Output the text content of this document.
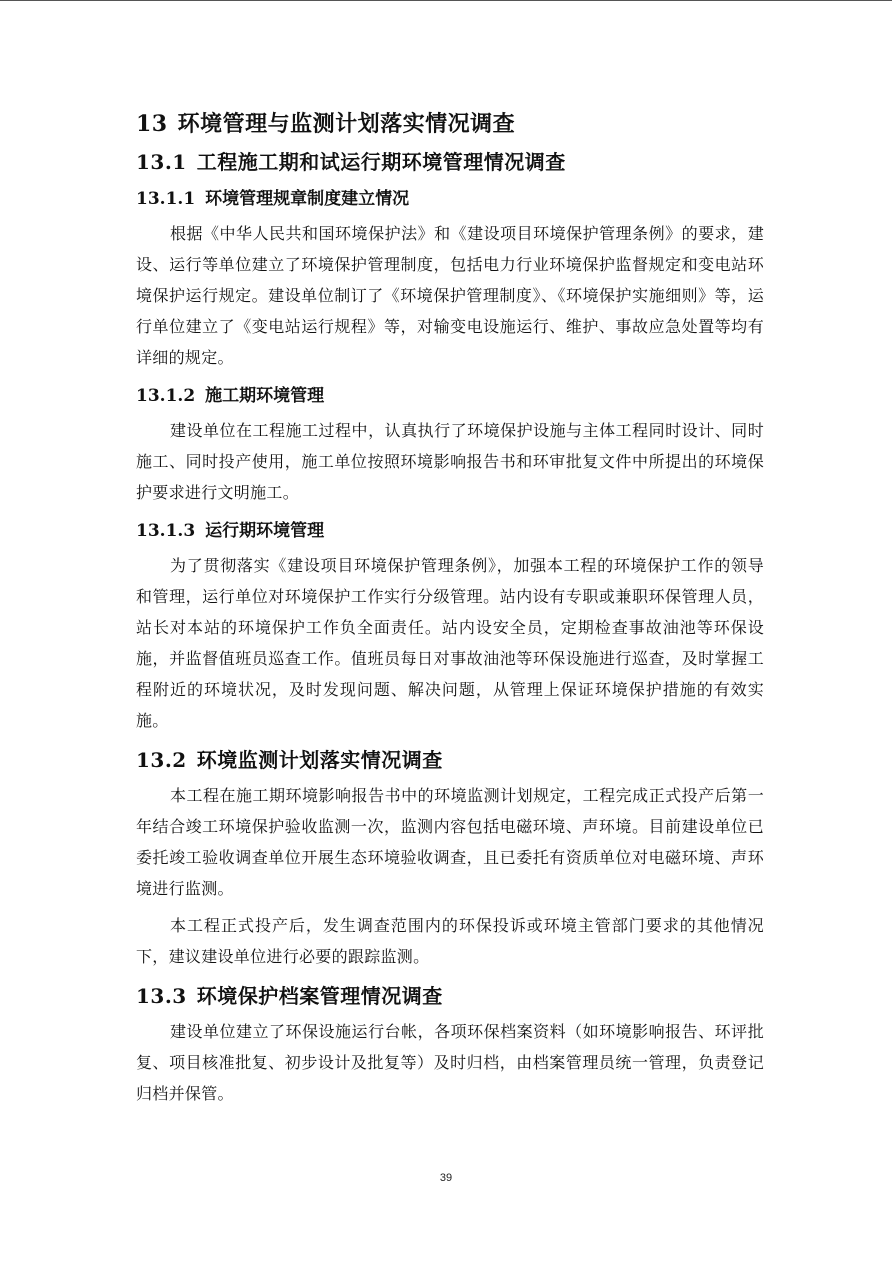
13 环境管理与监测计划落实情况调查
13.1 工程施工期和试运行期环境管理情况调查
13.1.1 环境管理规章制度建立情况

根据《中华人民共和国环境保护法》和《建设项目环境保护管理条例》的要求，建设、运行等单位建立了环境保护管理制度，包括电力行业环境保护监督规定和变电站环境保护运行规定。建设单位制订了《环境保护管理制度》、《环境保护实施细则》等，运行单位建立了《变电站运行规程》等，对输变电设施运行、维护、事故应急处置等均有详细的规定。

13.1.2 施工期环境管理

建设单位在工程施工过程中，认真执行了环境保护设施与主体工程同时设计、同时施工、同时投产使用，施工单位按照环境影响报告书和环审批复文件中所提出的环境保护要求进行文明施工。

13.1.3 运行期环境管理

为了贯彻落实《建设项目环境保护管理条例》，加强本工程的环境保护工作的领导和管理，运行单位对环境保护工作实行分级管理。站内设有专职或兼职环保管理人员，站长对本站的环境保护工作负全面责任。站内设安全员，定期检查事故油池等环保设施，并监督值班员巡查工作。值班员每日对事故油池等环保设施进行巡查，及时掌握工程附近的环境状况，及时发现问题、解决问题，从管理上保证环境保护措施的有效实施。

13.2 环境监测计划落实情况调查

本工程在施工期环境影响报告书中的环境监测计划规定，工程完成正式投产后第一年结合竣工环境保护验收监测一次，监测内容包括电磁环境、声环境。目前建设单位已委托竣工验收调查单位开展生态环境验收调查，且已委托有资质单位对电磁环境、声环境进行监测。

本工程正式投产后，发生调查范围内的环保投诉或环境主管部门要求的其他情况下，建议建设单位进行必要的跟踪监测。

13.3 环境保护档案管理情况调查

建设单位建立了环保设施运行台帐，各项环保档案资料（如环境影响报告、环评批复、项目核准批复、初步设计及批复等）及时归档，由档案管理员统一管理，负责登记归档并保管。

39
